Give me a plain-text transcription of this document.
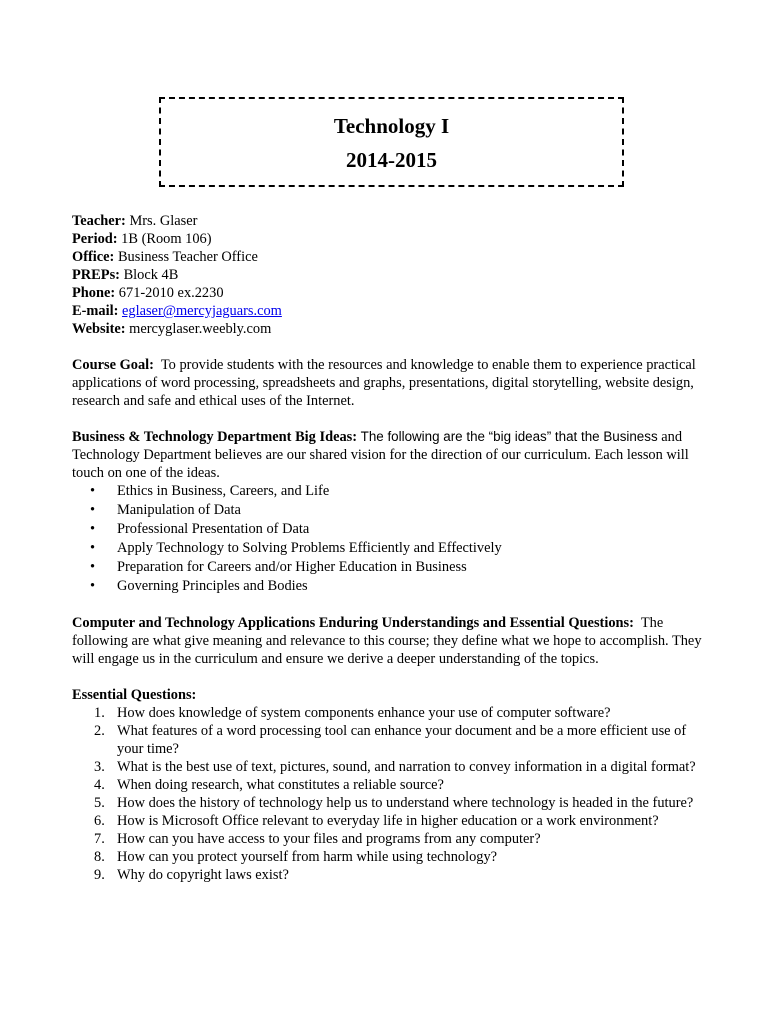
Technology I
2014-2015

Teacher: Mrs. Glaser

Period: 1B (Room 106)

Office: Business Teacher Office

PREPs: Block 4B

Phone: 671-2010 ex.2230

E-mail: eglaser@mercyjaguars.com

Website: mercyglaser.weebly.com

Course Goal: To provide students with the resources and knowledge to enable them to experience practical applications of word processing, spreadsheets and graphs, presentations, digital storytelling, website design, research and safe and ethical uses of the Internet.

Business & Technology Department Big Ideas: The following are the “big ideas” that the Business and Technology Department believes are our shared vision for the direction of our curriculum. Each lesson will touch on one of the ideas.

• Ethics in Business, Careers, and Life
• Manipulation of Data
• Professional Presentation of Data
• Apply Technology to Solving Problems Efficiently and Effectively
• Preparation for Careers and/or Higher Education in Business
• Governing Principles and Bodies

Computer and Technology Applications Enduring Understandings and Essential Questions: The following are what give meaning and relevance to this course; they define what we hope to accomplish. They will engage us in the curriculum and ensure we derive a deeper understanding of the topics.

Essential Questions:

1. How does knowledge of system components enhance your use of computer software?
2. What features of a word processing tool can enhance your document and be a more efficient use of your time?
3. What is the best use of text, pictures, sound, and narration to convey information in a digital format?
4. When doing research, what constitutes a reliable source?
5. How does the history of technology help us to understand where technology is headed in the future?
6. How is Microsoft Office relevant to everyday life in higher education or a work environment?
7. How can you have access to your files and programs from any computer?
8. How can you protect yourself from harm while using technology?
9. Why do copyright laws exist?
